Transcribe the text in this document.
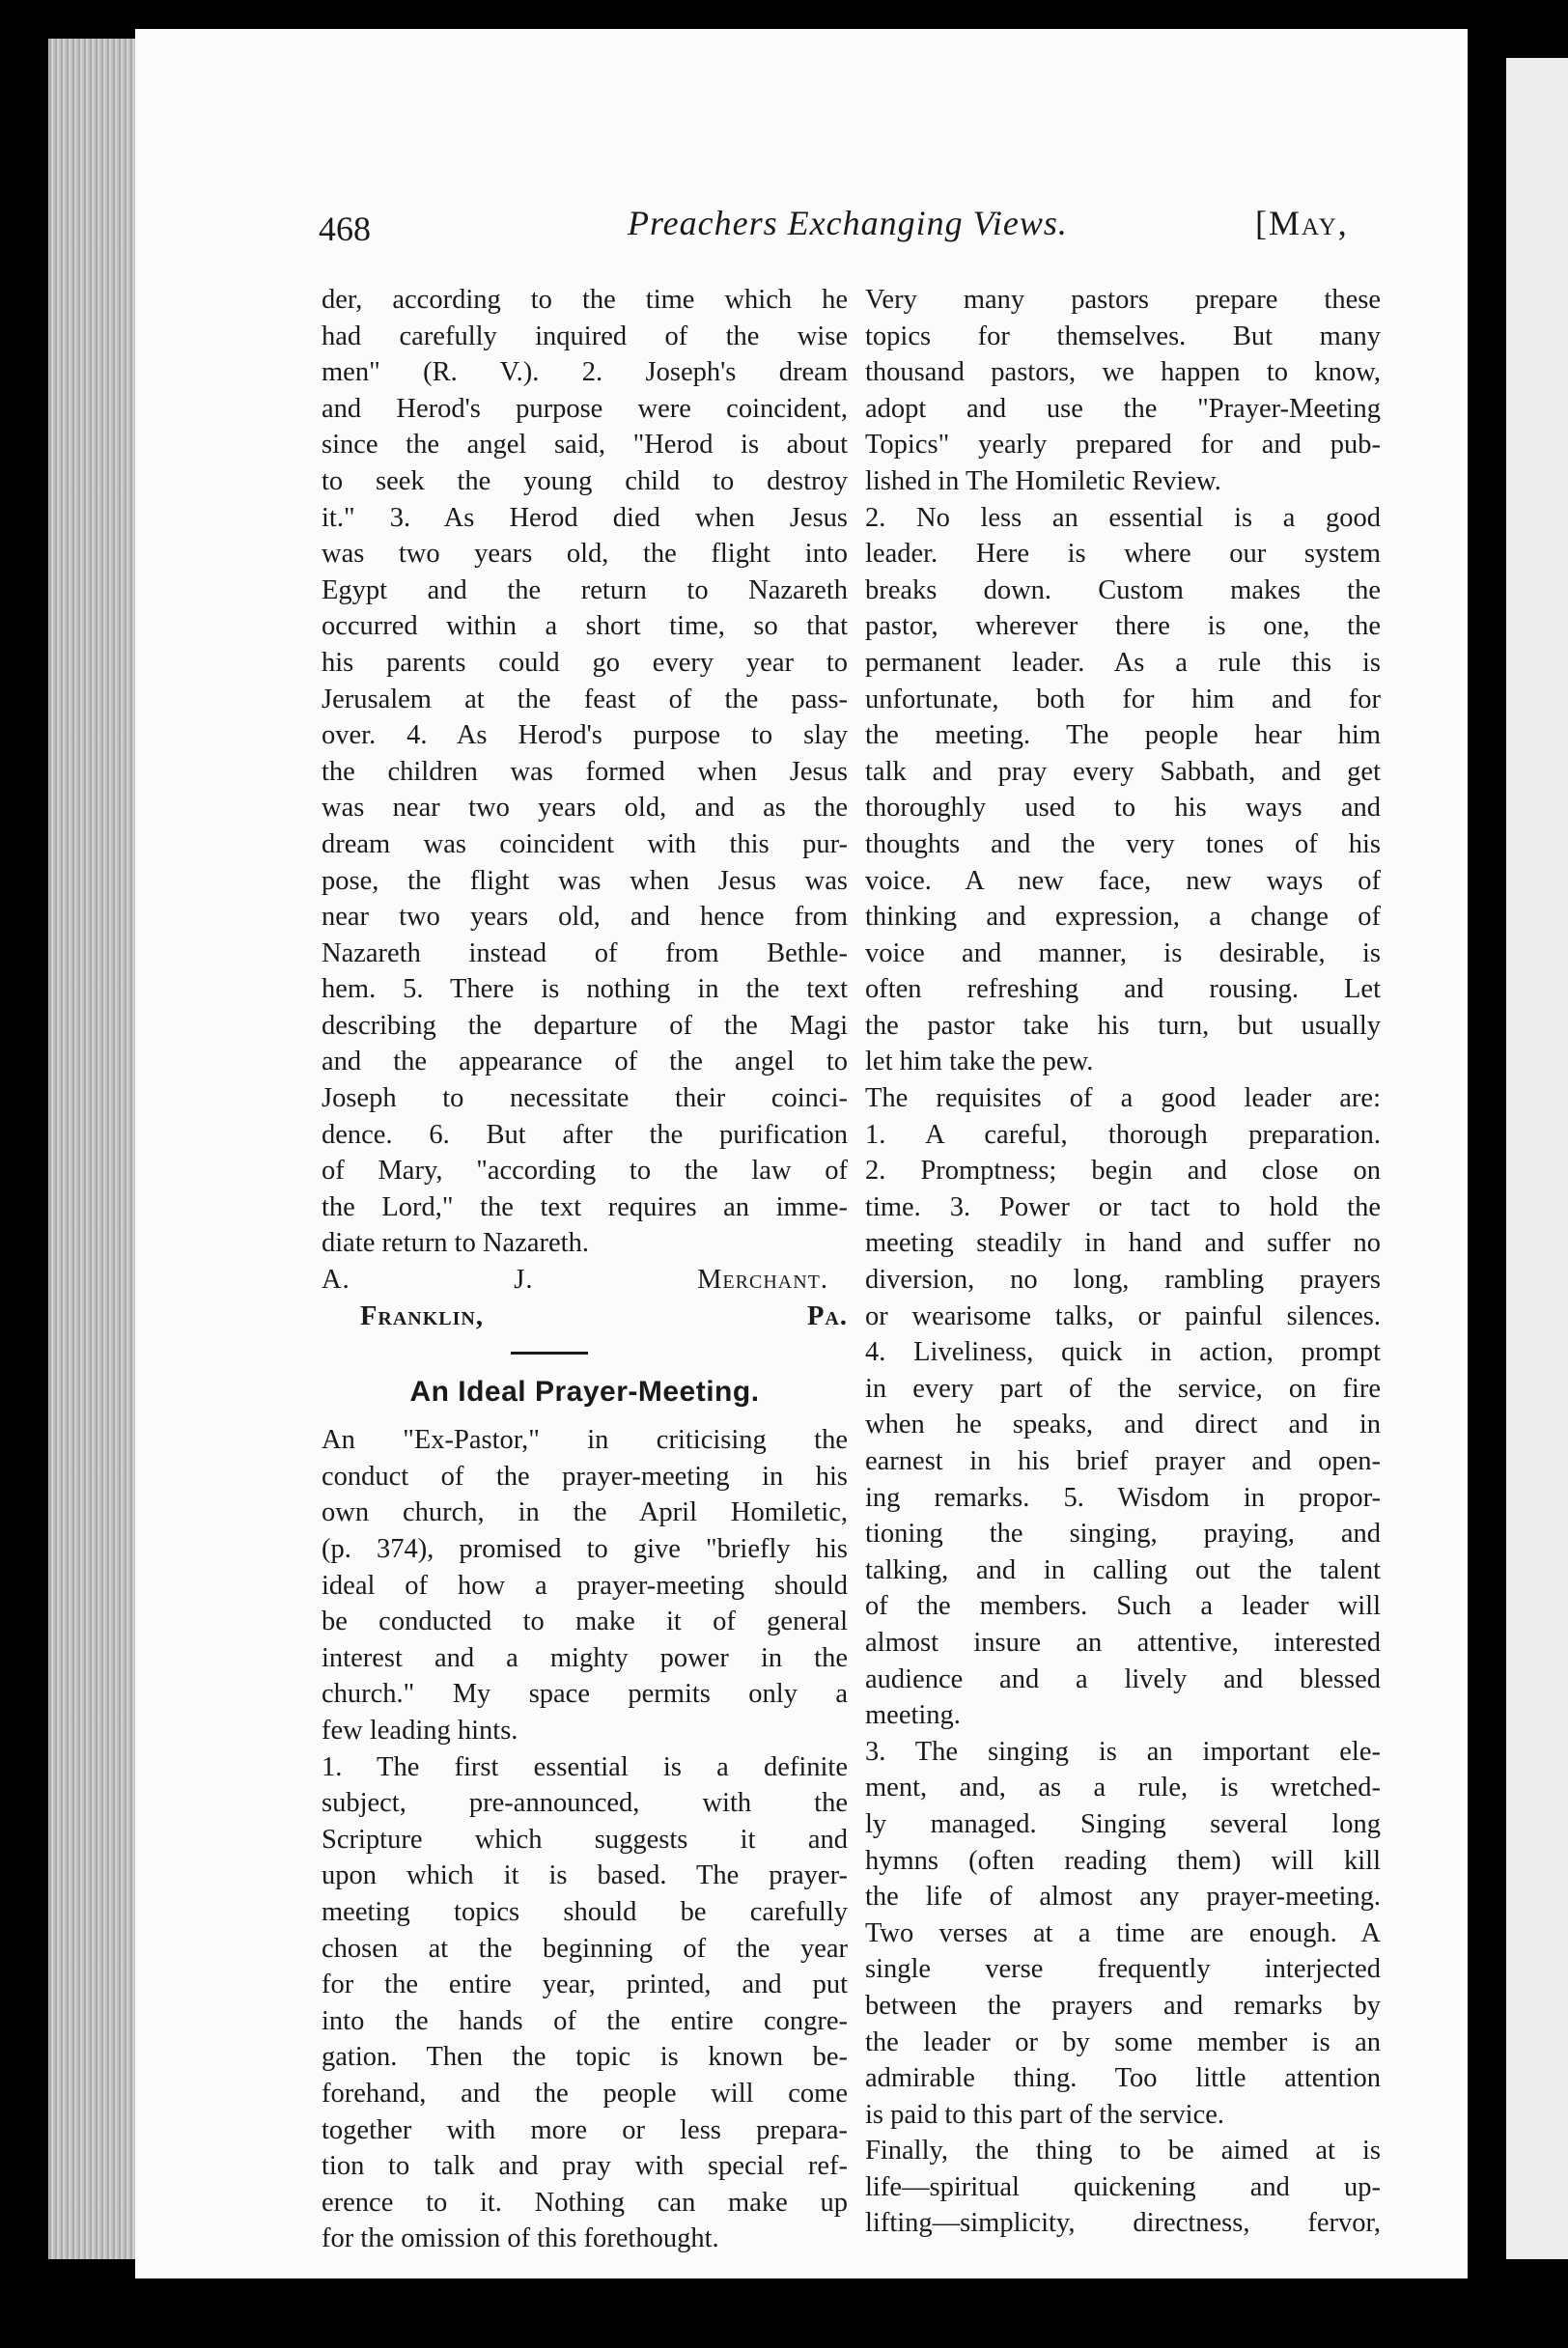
468	Preachers Exchanging Views.	[May,
der, according to the time which he
had carefully inquired of the wise
men" (R. V.). 2. Joseph's dream
and Herod's purpose were coincident,
since the angel said, "Herod is about
to seek the young child to destroy
it." 3. As Herod died when Jesus
was two years old, the flight into
Egypt and the return to Nazareth
occurred within a short time, so that
his parents could go every year to
Jerusalem at the feast of the pass-
over. 4. As Herod's purpose to slay
the children was formed when Jesus
was near two years old, and as the
dream was coincident with this pur-
pose, the flight was when Jesus was
near two years old, and hence from
Nazareth instead of from Bethle-
hem. 5. There is nothing in the text
describing the departure of the Magi
and the appearance of the angel to
Joseph to necessitate their coinci-
dence. 6. But after the purification
of Mary, "according to the law of
the Lord," the text requires an imme-
diate return to Nazareth.
A. J. Merchant.
Franklin, Pa.
An Ideal Prayer-Meeting.
An "Ex-Pastor," in criticising the
conduct of the prayer-meeting in his
own church, in the April Homiletic,
(p. 374), promised to give "briefly his
ideal of how a prayer-meeting should
be conducted to make it of general
interest and a mighty power in the
church." My space permits only a
few leading hints.
1. The first essential is a definite
subject, pre-announced, with the
Scripture which suggests it and
upon which it is based. The prayer-
meeting topics should be carefully
chosen at the beginning of the year
for the entire year, printed, and put
into the hands of the entire congre-
gation. Then the topic is known be-
forehand, and the people will come
together with more or less prepara-
tion to talk and pray with special ref-
erence to it. Nothing can make up
for the omission of this forethought.
Very many pastors prepare these
topics for themselves. But many
thousand pastors, we happen to know,
adopt and use the "Prayer-Meeting
Topics" yearly prepared for and pub-
lished in The Homiletic Review.
2. No less an essential is a good
leader. Here is where our system
breaks down. Custom makes the
pastor, wherever there is one, the
permanent leader. As a rule this is
unfortunate, both for him and for
the meeting. The people hear him
talk and pray every Sabbath, and get
thoroughly used to his ways and
thoughts and the very tones of his
voice. A new face, new ways of
thinking and expression, a change of
voice and manner, is desirable, is
often refreshing and rousing. Let
the pastor take his turn, but usually
let him take the pew.
The requisites of a good leader are:
1. A careful, thorough preparation.
2. Promptness; begin and close on
time. 3. Power or tact to hold the
meeting steadily in hand and suffer no
diversion, no long, rambling prayers
or wearisome talks, or painful silences.
4. Liveliness, quick in action, prompt
in every part of the service, on fire
when he speaks, and direct and in
earnest in his brief prayer and open-
ing remarks. 5. Wisdom in propor-
tioning the singing, praying, and
talking, and in calling out the talent
of the members. Such a leader will
almost insure an attentive, interested
audience and a lively and blessed
meeting.
3. The singing is an important ele-
ment, and, as a rule, is wretched-
ly managed. Singing several long
hymns (often reading them) will kill
the life of almost any prayer-meeting.
Two verses at a time are enough. A
single verse frequently interjected
between the prayers and remarks by
the leader or by some member is an
admirable thing. Too little attention
is paid to this part of the service.
Finally, the thing to be aimed at is
life—spiritual quickening and up-
lifting—simplicity, directness, fervor,
